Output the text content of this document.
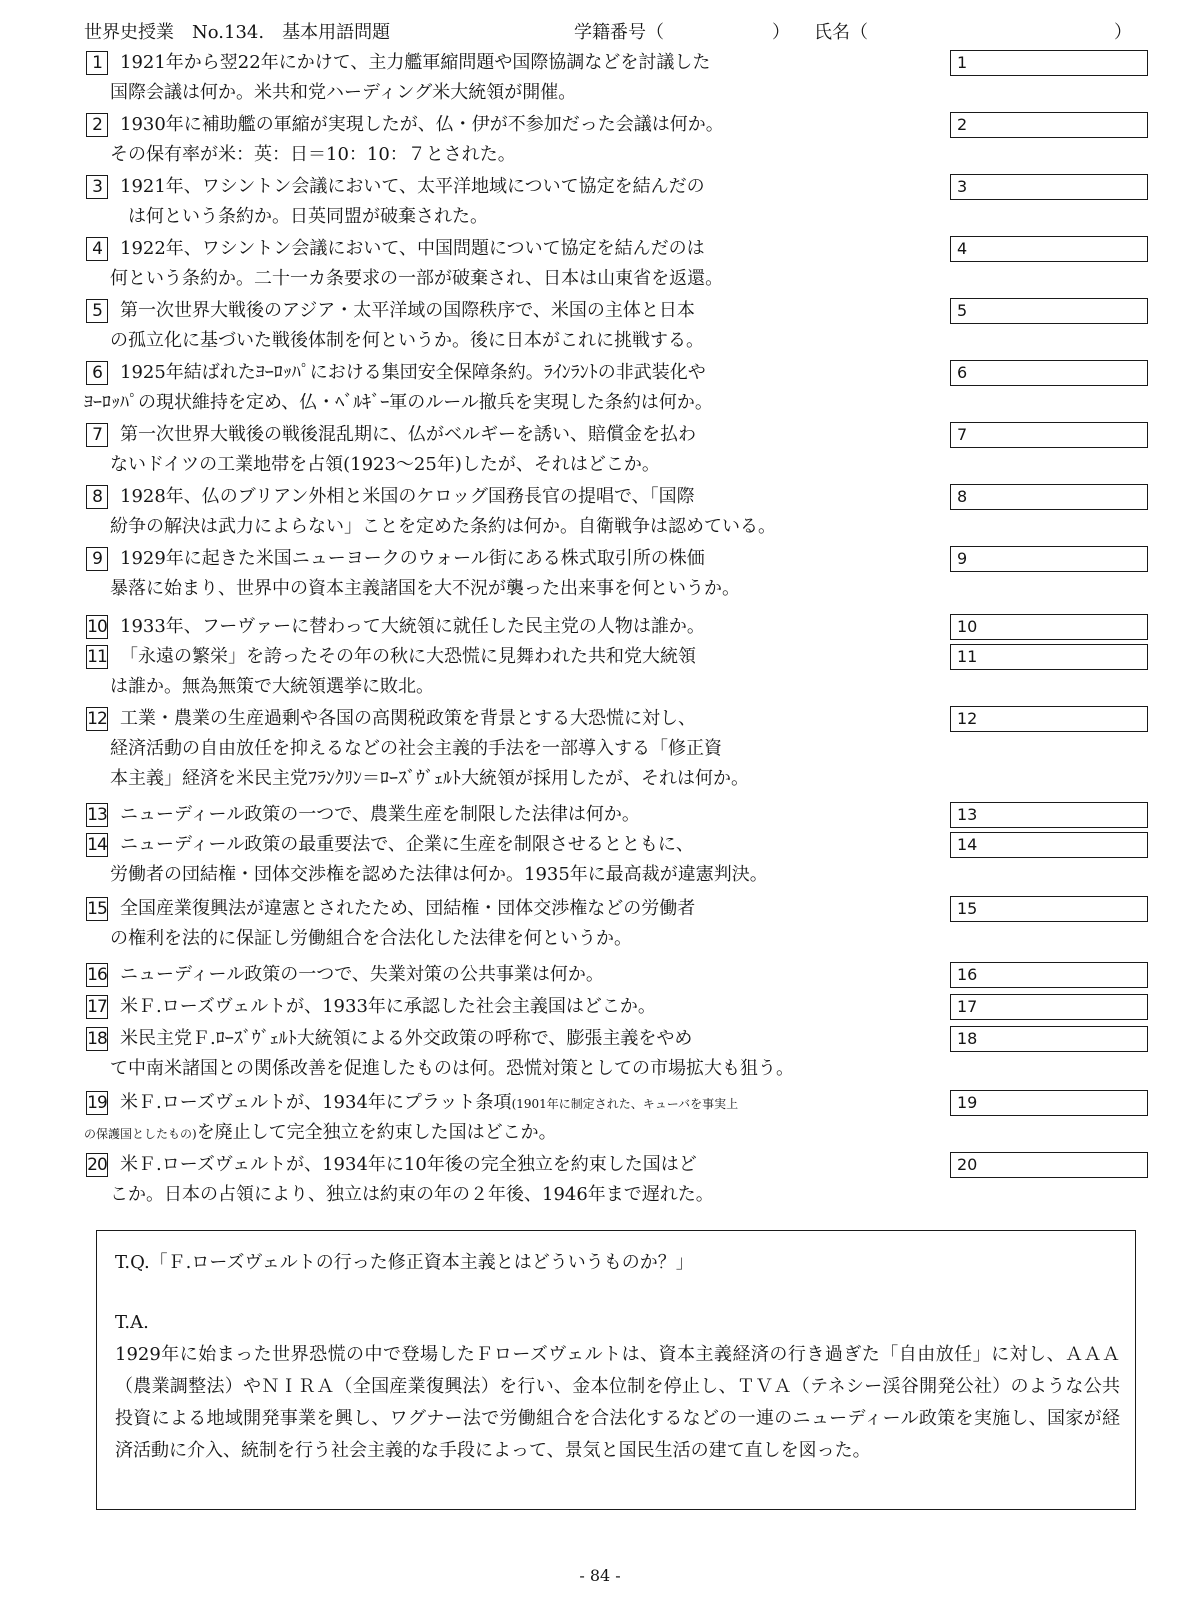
世界史授業　No.134.　基本用語問題	学籍番号（　　　　　　） 氏名（	）
1	1921年から翌22年にかけて、主力艦軍縮問題や国際協調などを討議した
国際会議は何か。米共和党ハーディング米大統領が開催。
1
2	1930年に補助艦の軍縮が実現したが、仏・伊が不参加だった会議は何か。
その保有率が米：英：日＝10：10：７とされた。
2
3	1921年、ワシントン会議において、太平洋地域について協定を結んだの
　は何という条約か。日英同盟が破棄された。
3
4	1922年、ワシントン会議において、中国問題について協定を結んだのは
何という条約か。二十一カ条要求の一部が破棄され、日本は山東省を返還。
4
5	第一次世界大戦後のアジア・太平洋域の国際秩序で、米国の主体と日本
の孤立化に基づいた戦後体制を何というか。後に日本がこれに挑戦する。
5
6	1925年結ばれたﾖｰﾛｯﾊﾟにおける集団安全保障条約。ﾗｲﾝﾗﾝﾄの非武装化や
ﾖｰﾛｯﾊﾟの現状維持を定め、仏・ﾍﾞﾙｷﾞｰ軍のルール撤兵を実現した条約は何か。
6
7	第一次世界大戦後の戦後混乱期に、仏がベルギーを誘い、賠償金を払わ
ないドイツの工業地帯を占領(1923～25年)したが、それはどこか。
7
8	1928年、仏のブリアン外相と米国のケロッグ国務長官の提唱で、「国際
紛争の解決は武力によらない」ことを定めた条約は何か。自衛戦争は認めている。
8
9	1929年に起きた米国ニューヨークのウォール街にある株式取引所の株価
暴落に始まり、世界中の資本主義諸国を大不況が襲った出来事を何というか。
9
10 1933年、フーヴァーに替わって大統領に就任した民主党の人物は誰か。	10
11 「永遠の繁栄」を誇ったその年の秋に大恐慌に見舞われた共和党大統領
は誰か。無為無策で大統領選挙に敗北。
11
12 工業・農業の生産過剰や各国の高関税政策を背景とする大恐慌に対し、
経済活動の自由放任を抑えるなどの社会主義的手法を一部導入する「修正資
本主義」経済を米民主党ﾌﾗﾝｸﾘﾝ＝ﾛｰｽﾞｳﾞｪﾙﾄ大統領が採用したが、それは何か。
12
13 ニューディール政策の一つで、農業生産を制限した法律は何か。	13
14 ニューディール政策の最重要法で、企業に生産を制限させるとともに、
労働者の団結権・団体交渉権を認めた法律は何か。1935年に最高裁が違憲判決。
14
15 全国産業復興法が違憲とされたため、団結権・団体交渉権などの労働者
の権利を法的に保証し労働組合を合法化した法律を何というか。
15
16 ニューディール政策の一つで、失業対策の公共事業は何か。	16
17 米Ｆ.ローズヴェルトが、1933年に承認した社会主義国はどこか。	17
18 米民主党Ｆ.ﾛｰｽﾞｳﾞｪﾙﾄ大統領による外交政策の呼称で、膨張主義をやめ
て中南米諸国との関係改善を促進したものは何。恐慌対策としての市場拡大も狙う。
18
19 米Ｆ.ローズヴェルトが、1934年にプラット条項(1901年に制定された、キューバを事実上
の保護国としたもの)を廃止して完全独立を約束した国はどこか。
19
20 米Ｆ.ローズヴェルトが、1934年に10年後の完全独立を約束した国はど
こか。日本の占領により、独立は約束の年の２年後、1946年まで遅れた。
20
T.Q.「Ｆ.ローズヴェルトの行った修正資本主義とはどういうものか？」
T.A.
1929年に始まった世界恐慌の中で登場したＦローズヴェルトは、資本主義経済の行き過ぎた「自由放任」に対し、ＡＡＡ（農業調整法）やＮＩＲＡ（全国産業復興法）を行い、金本位制を停止し、ＴＶＡ（テネシー渓谷開発公社）のような公共投資による地域開発事業を興し、ワグナー法で労働組合を合法化するなどの一連のニューディール政策を実施し、国家が経済活動に介入、統制を行う社会主義的な手段によって、景気と国民生活の建て直しを図った。
- 84 -
